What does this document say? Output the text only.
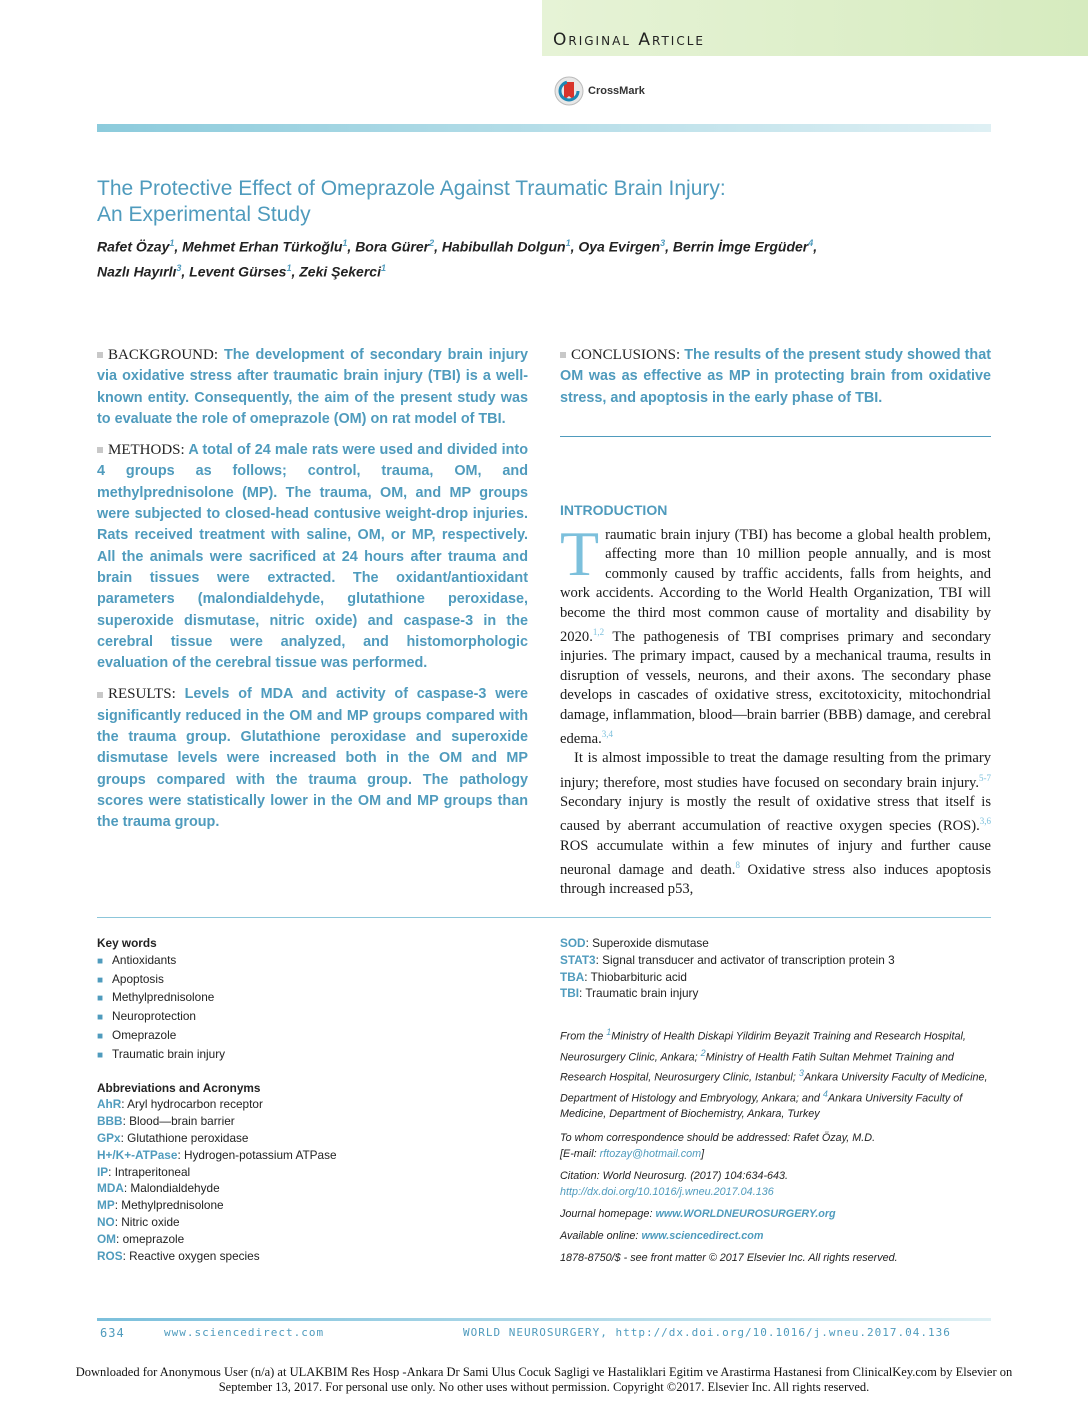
Original Article
CrossMark
The Protective Effect of Omeprazole Against Traumatic Brain Injury:
An Experimental Study
Rafet Özay$^1$, Mehmet Erhan Türkoğlu$^1$, Bora Gürer$^2$, Habibullah Dolgun$^1$, Oya Evirgen$^3$, Berrin İmge Ergüder$^4$,
Nazlı Hayırlı$^3$, Levent Gürses$^1$, Zeki Şekerci$^1$

BACKGROUND: The development of secondary brain injury via oxidative stress after traumatic brain injury (TBI) is a well-known entity. Consequently, the aim of the present study was to evaluate the role of omeprazole (OM) on rat model of TBI.

METHODS: A total of 24 male rats were used and divided into 4 groups as follows; control, trauma, OM, and methylprednisolone (MP). The trauma, OM, and MP groups were subjected to closed-head contusive weight-drop injuries. Rats received treatment with saline, OM, or MP, respectively. All the animals were sacrificed at 24 hours after trauma and brain tissues were extracted. The oxidant/antioxidant parameters (malondialdehyde, glutathione peroxidase, superoxide dismutase, nitric oxide) and caspase-3 in the cerebral tissue were analyzed, and histomorphologic evaluation of the cerebral tissue was performed.

RESULTS: Levels of MDA and activity of caspase-3 were significantly reduced in the OM and MP groups compared with the trauma group. Glutathione peroxidase and superoxide dismutase levels were increased both in the OM and MP groups compared with the trauma group. The pathology scores were statistically lower in the OM and MP groups than the trauma group.

CONCLUSIONS: The results of the present study showed that OM was as effective as MP in protecting brain from oxidative stress, and apoptosis in the early phase of TBI.

INTRODUCTION

Traumatic brain injury (TBI) has become a global health problem, affecting more than 10 million people annually, and is most commonly caused by traffic accidents, falls from heights, and work accidents. According to the World Health Organization, TBI will become the third most common cause of mortality and disability by 2020.$^{1,2}$ The pathogenesis of TBI comprises primary and secondary injuries. The primary impact, caused by a mechanical trauma, results in disruption of vessels, neurons, and their axons. The secondary phase develops in cascades of oxidative stress, excitotoxicity, mitochondrial damage, inflammation, blood—brain barrier (BBB) damage, and cerebral edema.$^{3,4}$

It is almost impossible to treat the damage resulting from the primary injury; therefore, most studies have focused on secondary brain injury.$^{5-7}$ Secondary injury is mostly the result of oxidative stress that itself is caused by aberrant accumulation of reactive oxygen species (ROS).$^{3,6}$ ROS accumulate within a few minutes of injury and further cause neuronal damage and death.$^8$ Oxidative stress also induces apoptosis through increased p53,

Key words
■ Antioxidants
■ Apoptosis
■ Methylprednisolone
■ Neuroprotection
■ Omeprazole
■ Traumatic brain injury
Abbreviations and Acronyms
AhR: Aryl hydrocarbon receptor
BBB: Blood—brain barrier
GPx: Glutathione peroxidase
H+/K+-ATPase: Hydrogen-potassium ATPase
IP: Intraperitoneal
MDA: Malondialdehyde
MP: Methylprednisolone
NO: Nitric oxide
OM: omeprazole
ROS: Reactive oxygen species
SOD: Superoxide dismutase
STAT3: Signal transducer and activator of transcription protein 3
TBA: Thiobarbituric acid
TBI: Traumatic brain injury

From the $^1$Ministry of Health Diskapi Yildirim Beyazit Training and Research Hospital, Neurosurgery Clinic, Ankara; $^2$Ministry of Health Fatih Sultan Mehmet Training and Research Hospital, Neurosurgery Clinic, Istanbul; $^3$Ankara University Faculty of Medicine, Department of Histology and Embryology, Ankara; and $^4$Ankara University Faculty of Medicine, Department of Biochemistry, Ankara, Turkey

To whom correspondence should be addressed: Rafet Özay, M.D.
[E-mail: rftozay@hotmail.com]

Citation: World Neurosurg. (2017) 104:634-643.
http://dx.doi.org/10.1016/j.wneu.2017.04.136

Journal homepage: www.WORLDNEUROSURGERY.org

Available online: www.sciencedirect.com

1878-8750/$ - see front matter © 2017 Elsevier Inc. All rights reserved.

634	www.sciencedirect.com	WORLD NEUROSURGERY, http://dx.doi.org/10.1016/j.wneu.2017.04.136
Downloaded for Anonymous User (n/a) at ULAKBIM Res Hosp -Ankara Dr Sami Ulus Cocuk Sagligi ve Hastaliklari Egitim ve Arastirma Hastanesi from ClinicalKey.com by Elsevier on
September 13, 2017. For personal use only. No other uses without permission. Copyright ©2017. Elsevier Inc. All rights reserved.
